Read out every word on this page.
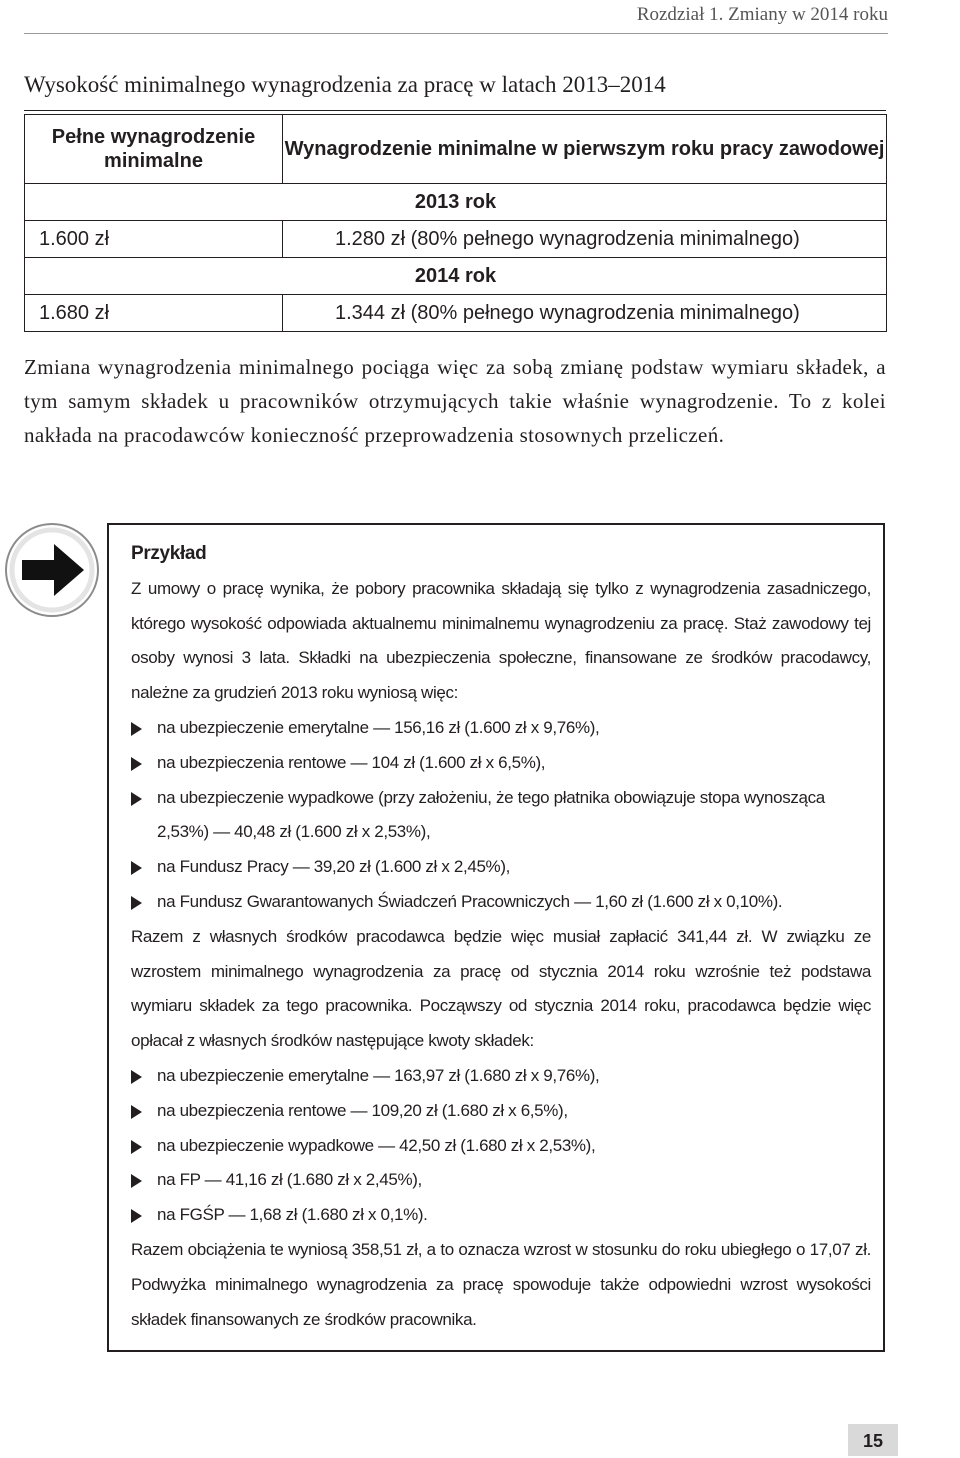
Rozdział 1. Zmiany w 2014 roku
Wysokość minimalnego wynagrodzenia za pracę w latach 2013–2014
Pełne wynagrodzenie minimalne	Wynagrodzenie minimalne w pierwszym roku pracy zawodowej
2013 rok	
1.600 zł	1.280 zł (80% pełnego wynagrodzenia minimalnego)
2014 rok	
1.680 zł	1.344 zł (80% pełnego wynagrodzenia minimalnego)
Zmiana wynagrodzenia minimalnego pociąga więc za sobą zmianę podstaw wymiaru składek, a tym samym składek u pracowników otrzymujących takie właśnie wynagrodzenie. To z kolei nakłada na pracodawców konieczność przeprowadzenia stosownych przeliczeń.
Przykład
Z umowy o pracę wynika, że pobory pracownika składają się tylko z wynagrodzenia zasadniczego, którego wysokość odpowiada aktualnemu minimalnemu wynagrodzeniu za pracę. Staż zawodowy tej osoby wynosi 3 lata. Składki na ubezpieczenia społeczne, finansowane ze środków pracodawcy, należne za grudzień 2013 roku wyniosą więc:
na ubezpieczenie emerytalne — 156,16 zł (1.600 zł x 9,76%),
na ubezpieczenia rentowe — 104 zł (1.600 zł x 6,5%),
na ubezpieczenie wypadkowe (przy założeniu, że tego płatnika obowiązuje stopa wynosząca 2,53%) — 40,48 zł (1.600 zł x 2,53%),
na Fundusz Pracy — 39,20 zł (1.600 zł x 2,45%),
na Fundusz Gwarantowanych Świadczeń Pracowniczych — 1,60 zł (1.600 zł x 0,10%).
Razem z własnych środków pracodawca będzie więc musiał zapłacić 341,44 zł. W związku ze wzrostem minimalnego wynagrodzenia za pracę od stycznia 2014 roku wzrośnie też podstawa wymiaru składek za tego pracownika. Począwszy od stycznia 2014 roku, pracodawca będzie więc opłacał z własnych środków następujące kwoty składek:
na ubezpieczenie emerytalne — 163,97 zł (1.680 zł x 9,76%),
na ubezpieczenia rentowe — 109,20 zł (1.680 zł x 6,5%),
na ubezpieczenie wypadkowe — 42,50 zł (1.680 zł x 2,53%),
na FP — 41,16 zł (1.680 zł x 2,45%),
na FGŚP — 1,68 zł (1.680 zł x 0,1%).
Razem obciążenia te wyniosą 358,51 zł, a to oznacza wzrost w stosunku do roku ubiegłego o 17,07 zł. Podwyżka minimalnego wynagrodzenia za pracę spowoduje także odpowiedni wzrost wysokości składek finansowanych ze środków pracownika.
15
